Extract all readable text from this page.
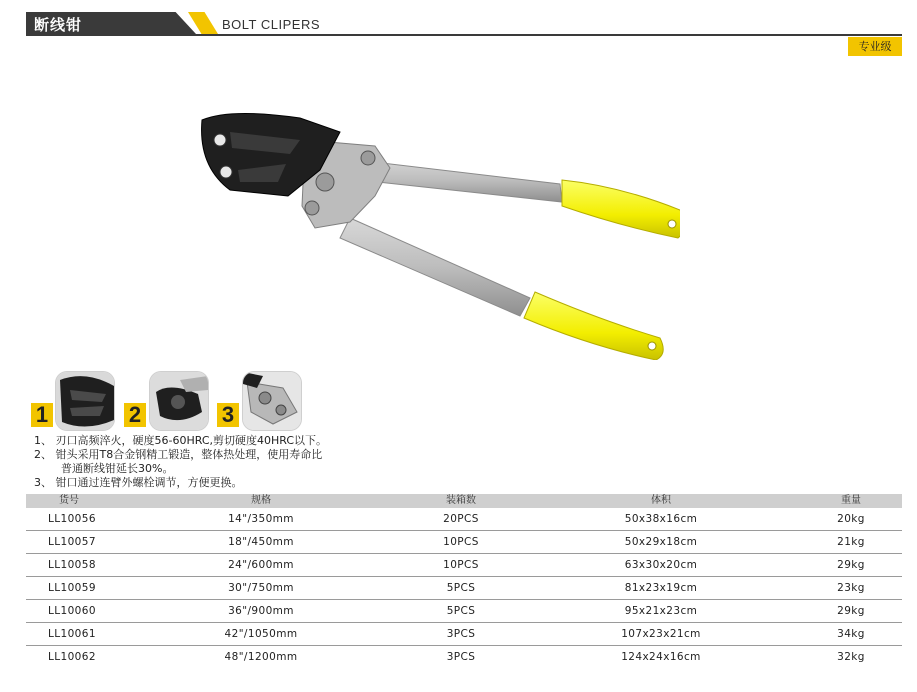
断线钳	BOLT CLIPERS
专业级
1	2	3
1、 刃口高频淬火，硬度56-60HRC,剪切硬度40HRC以下。
2、 钳头采用T8合金钢精工锻造，整体热处理，使用寿命比
普通断线钳延长30%。
3、 钳口通过连臂外螺栓调节，方便更换。
货号	规格	装箱数	体积	重量
LL10056	14"/350mm	20PCS	50x38x16cm	20kg
LL10057	18"/450mm	10PCS	50x29x18cm	21kg
LL10058	24"/600mm	10PCS	63x30x20cm	29kg
LL10059	30"/750mm	5PCS	81x23x19cm	23kg
LL10060	36"/900mm	5PCS	95x21x23cm	29kg
LL10061	42"/1050mm	3PCS	107x23x21cm	34kg
LL10062	48"/1200mm	3PCS	124x24x16cm	32kg
